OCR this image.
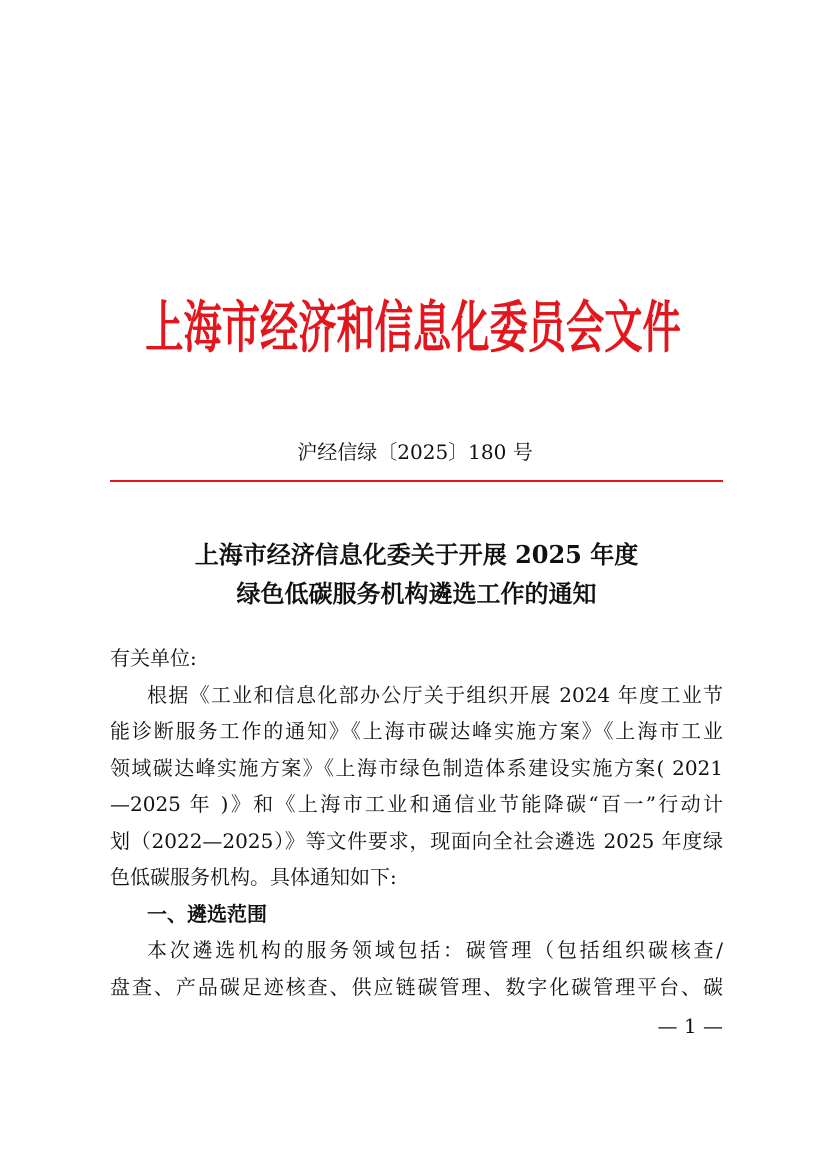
上海市经济和信息化委员会文件
沪经信绿〔2025〕180 号
上海市经济信息化委关于开展 2025 年度
绿色低碳服务机构遴选工作的通知
有关单位:
根据《工业和信息化部办公厅关于组织开展 2024 年度工业节
能诊断服务工作的通知》《上海市碳达峰实施方案》《上海市工业
领域碳达峰实施方案》《上海市绿色制造体系建设实施方案( 2021
—2025 年 )》和《上海市工业和通信业节能降碳“百一”行动计
划（2022—2025）》等文件要求，现面向全社会遴选 2025 年度绿
色低碳服务机构。具体通知如下:
一、遴选范围
本次遴选机构的服务领域包括：碳管理（包括组织碳核查/
盘查、产品碳足迹核查、供应链碳管理、数字化碳管理平台、碳
— 1 —
